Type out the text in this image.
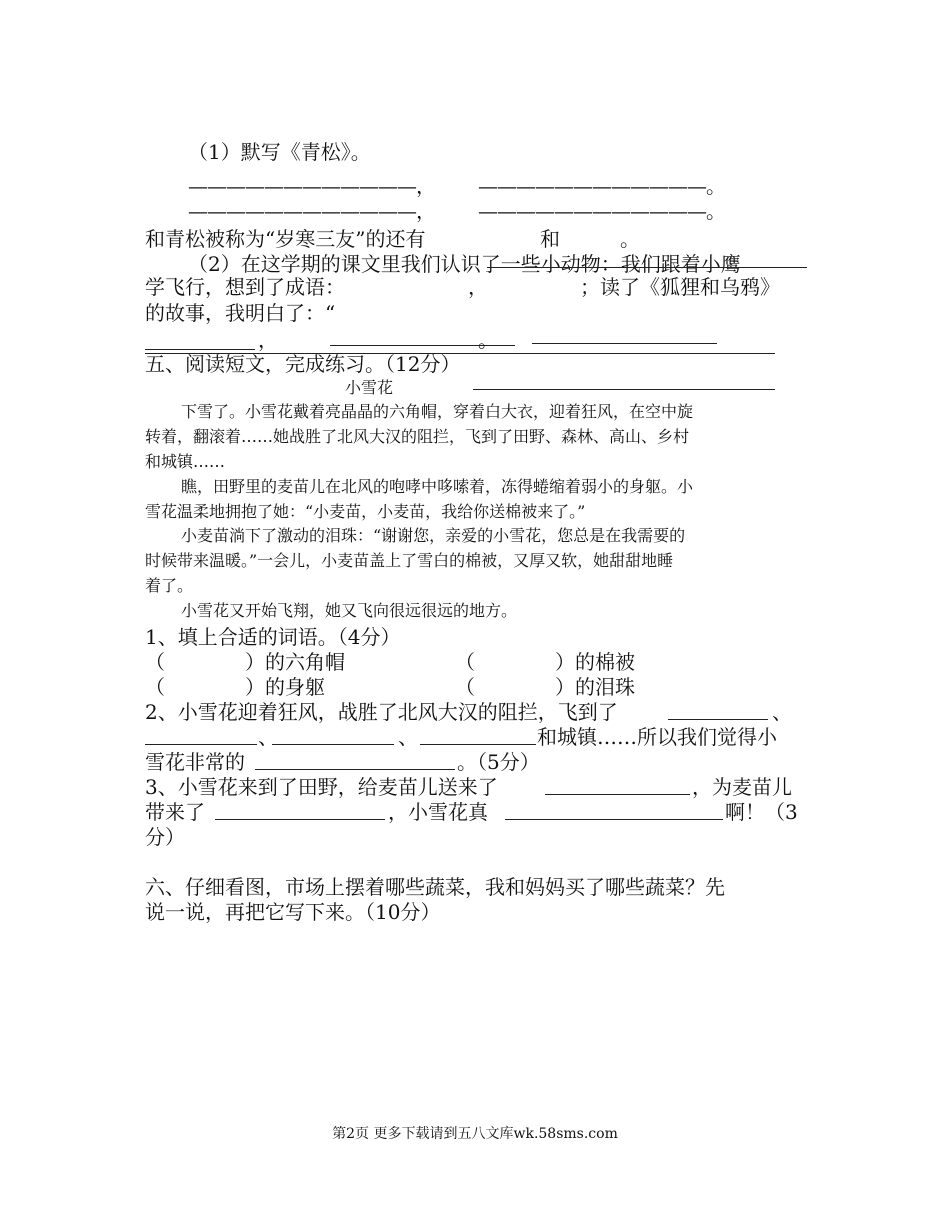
（1）默写《青松》。
————————————， ————————————。
————————————， ————————————。
和青松被称为“岁寒三友”的还有	和	。
（2）在这学期的课文里我们认识了一些小动物：我们跟着小鹰
学飞行，想到了成语：	，	；读了《狐狸和乌鸦》
的故事，我明白了：“
，	。
五、阅读短文，完成练习。（12分）
小雪花
下雪了。小雪花戴着亮晶晶的六角帽，穿着白大衣，迎着狂风，在空中旋
转着，翻滚着……她战胜了北风大汉的阻拦，飞到了田野、森林、高山、乡村
和城镇……
瞧，田野里的麦苗儿在北风的咆哮中哆嗦着，冻得蜷缩着弱小的身躯。小
雪花温柔地拥抱了她：“小麦苗，小麦苗，我给你送棉被来了。”
小麦苗淌下了激动的泪珠：“谢谢您，亲爱的小雪花，您总是在我需要的
时候带来温暖。”一会儿，小麦苗盖上了雪白的棉被，又厚又软，她甜甜地睡
着了。
小雪花又开始飞翔，她又飞向很远很远的地方。
1、填上合适的词语。（4分）
（　　　　）的六角帽	（　　　　）的棉被
（　　　　）的身躯	（　　　　）的泪珠
2、小雪花迎着狂风，战胜了北风大汉的阻拦，飞到了	、
、	、	和城镇……所以我们觉得小
雪花非常的	。（5分）
3、小雪花来到了田野，给麦苗儿送来了	，为麦苗儿
带来了	，小雪花真	啊！（3
分）
六、仔细看图，市场上摆着哪些蔬菜，我和妈妈买了哪些蔬菜？先
说一说，再把它写下来。（10分）
第2页 更多下载请到五八文库wk.58sms.com
